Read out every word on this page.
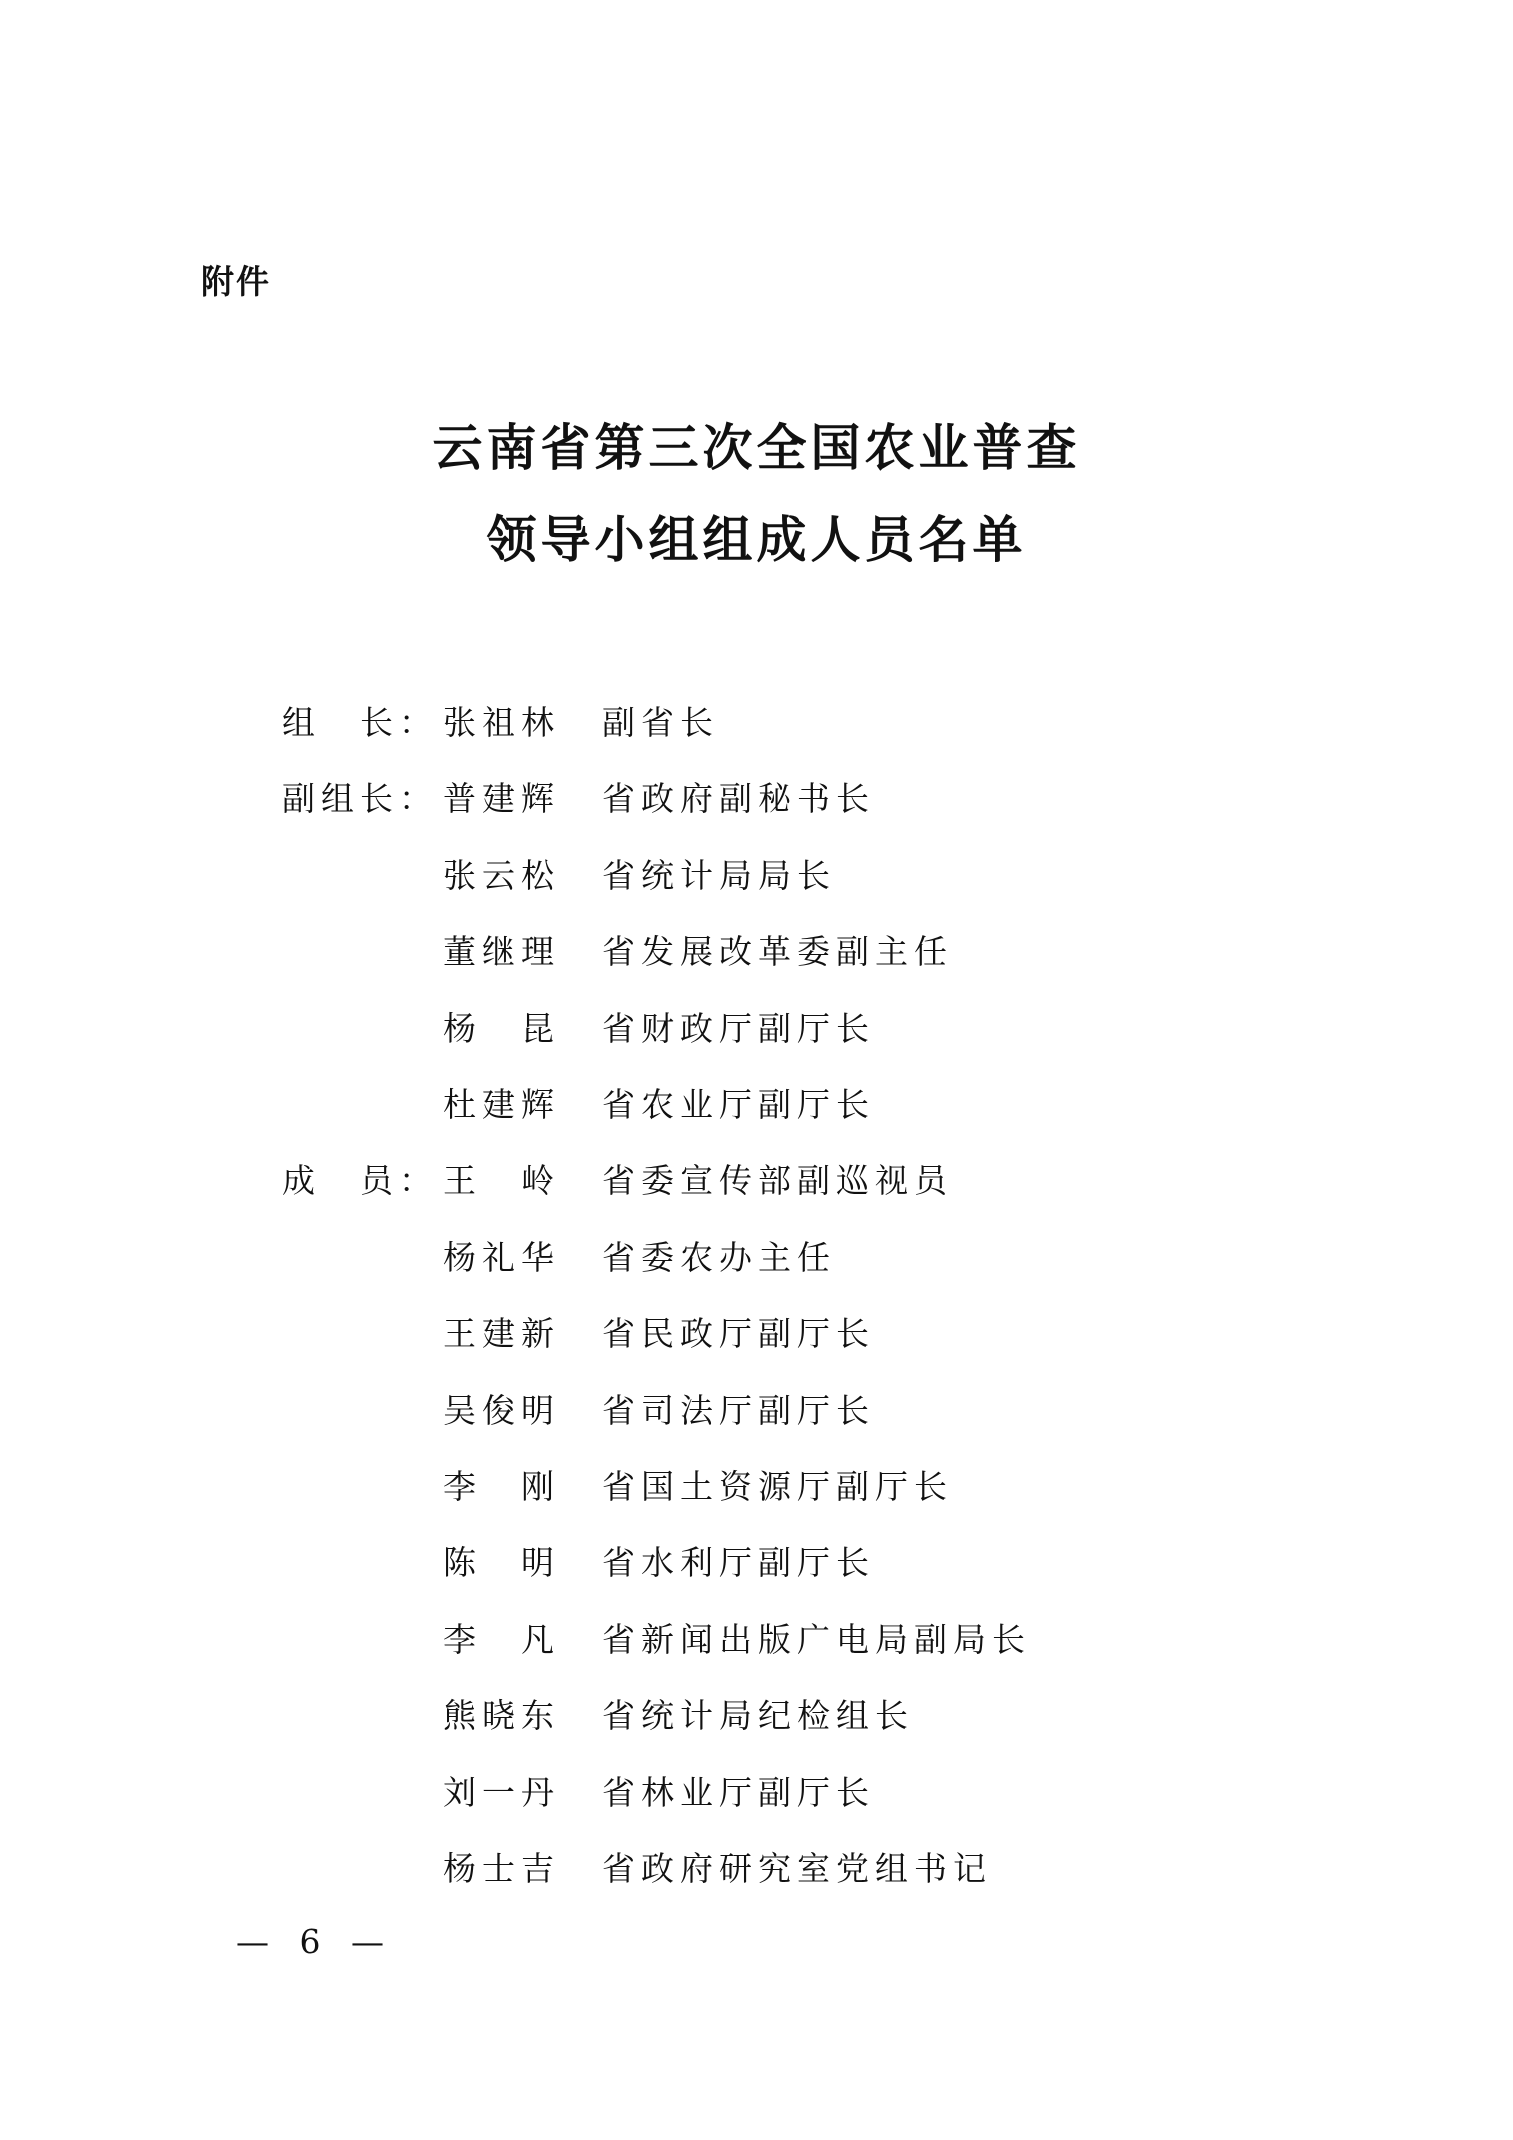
附件
云南省第三次全国农业普查
领导小组组成人员名单
组　长： 张祖林	副省长
副组长： 普建辉	省政府副秘书长
张云松	省统计局局长
董继理	省发展改革委副主任
杨　昆	省财政厅副厅长
杜建辉	省农业厅副厅长
成　员： 王　岭	省委宣传部副巡视员
杨礼华	省委农办主任
王建新	省民政厅副厅长
吴俊明	省司法厅副厅长
李　刚	省国土资源厅副厅长
陈　明	省水利厅副厅长
李　凡	省新闻出版广电局副局长
熊晓东	省统计局纪检组长
刘一丹	省林业厅副厅长
杨士吉	省政府研究室党组书记
— 6 —
